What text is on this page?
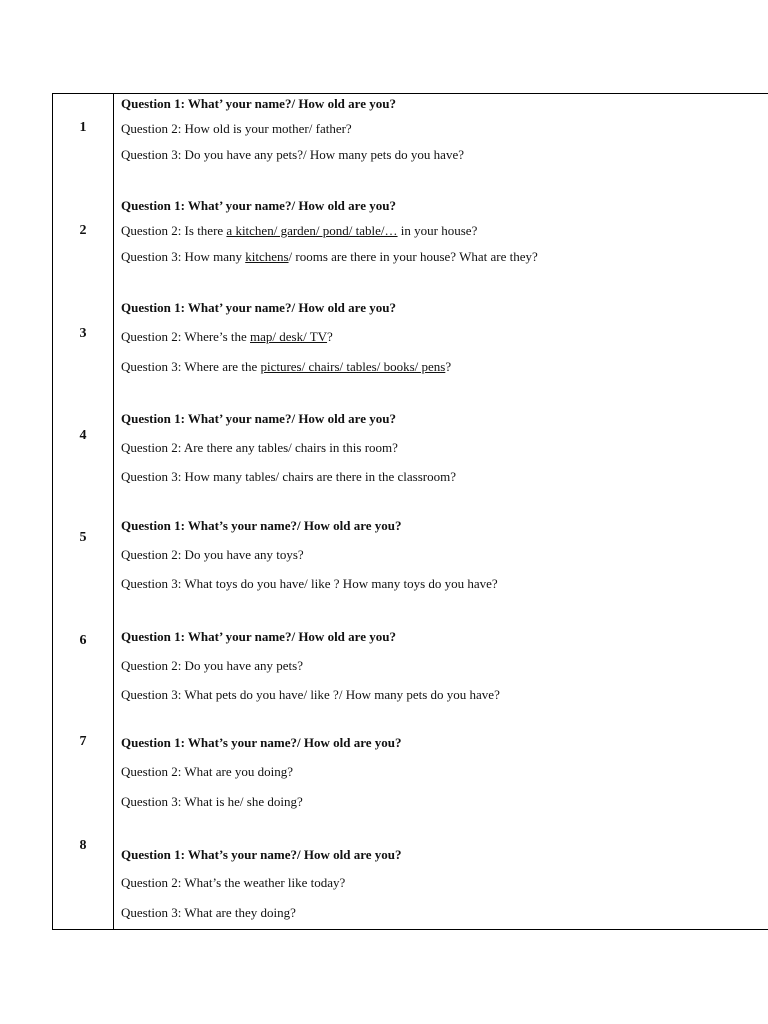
1
Question 1: What’ your name?/ How old are you?
Question 2: How old is your mother/ father?
Question 3: Do you have any pets?/ How many pets do you have?
2
Question 1: What’ your name?/ How old are you?
Question 2: Is there a kitchen/ garden/ pond/ table/… in your house?
Question 3: How many kitchens/ rooms are there in your house? What are they?
3
Question 1: What’ your name?/ How old are you?
Question 2: Where’s the map/ desk/ TV?
Question 3: Where are the pictures/ chairs/ tables/ books/ pens?
4
Question 1: What’ your name?/ How old are you?
Question 2: Are there any tables/ chairs in this room?
Question 3: How many tables/ chairs are there in the classroom?
5
Question 1: What’s your name?/ How old are you?
Question 2: Do you have any toys?
Question 3: What toys do you have/ like ? How many toys do you have?
6	Question 1: What’ your name?/ How old are you?
Question 2: Do you have any pets?
Question 3: What pets do you have/ like ?/ How many pets do you have?
7	Question 1: What’s your name?/ How old are you?
Question 2: What are you doing?
Question 3: What is he/ she doing?
8
Question 1: What’s your name?/ How old are you?
Question 2: What’s the weather like today?
Question 3: What are they doing?
